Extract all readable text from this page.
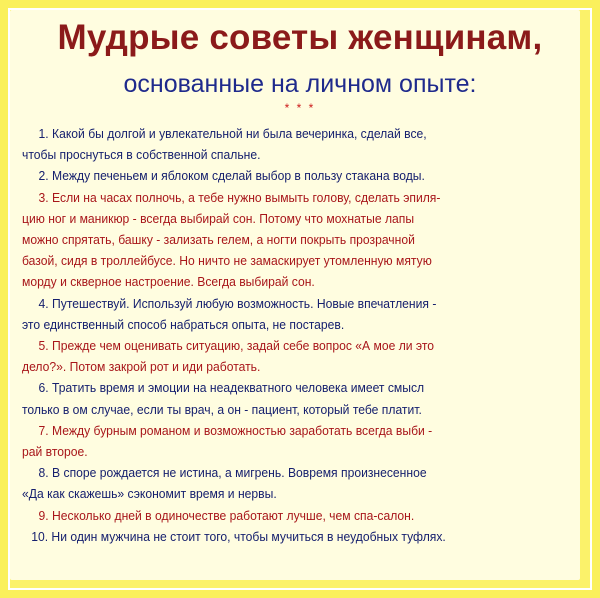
Мудрые советы женщинам,
основанные на личном опыте:
* * *
1. Какой бы долгой и увлекательной ни была вечеринка, сделай все,
чтобы проснуться в собственной спальне.
2. Между печеньем и яблоком сделай выбор в пользу стакана воды.
3. Если на часах полночь, а тебе нужно вымыть голову, сделать эпиля-
цию ног и маникюр - всегда выбирай сон. Потому что мохнатые лапы
можно спрятать, башку - зализать гелем, а ногти покрыть прозрачной
базой, сидя в троллейбусе. Но ничто не замаскирует утомленную мятую
морду и скверное настроение. Всегда выбирай сон.
4. Путешествуй. Используй любую возможность. Новые впечатления -
это единственный способ набраться опыта, не постарев.
5. Прежде чем оценивать ситуацию, задай себе вопрос «А мое ли это
дело?». Потом закрой рот и иди работать.
6. Тратить время и эмоции на неадекватного человека имеет смысл
только в ом случае, если ты врач, а он - пациент, который тебе платит.
7. Между бурным романом и возможностью заработать всегда выби -
рай второе.
8. В споре рождается не истина, а мигрень. Вовремя произнесенное
«Да как скажешь» сэкономит время и нервы.
9. Несколько дней в одиночестве работают лучше, чем спа-салон.
10. Ни один мужчина не стоит того, чтобы мучиться в неудобных туфлях.
